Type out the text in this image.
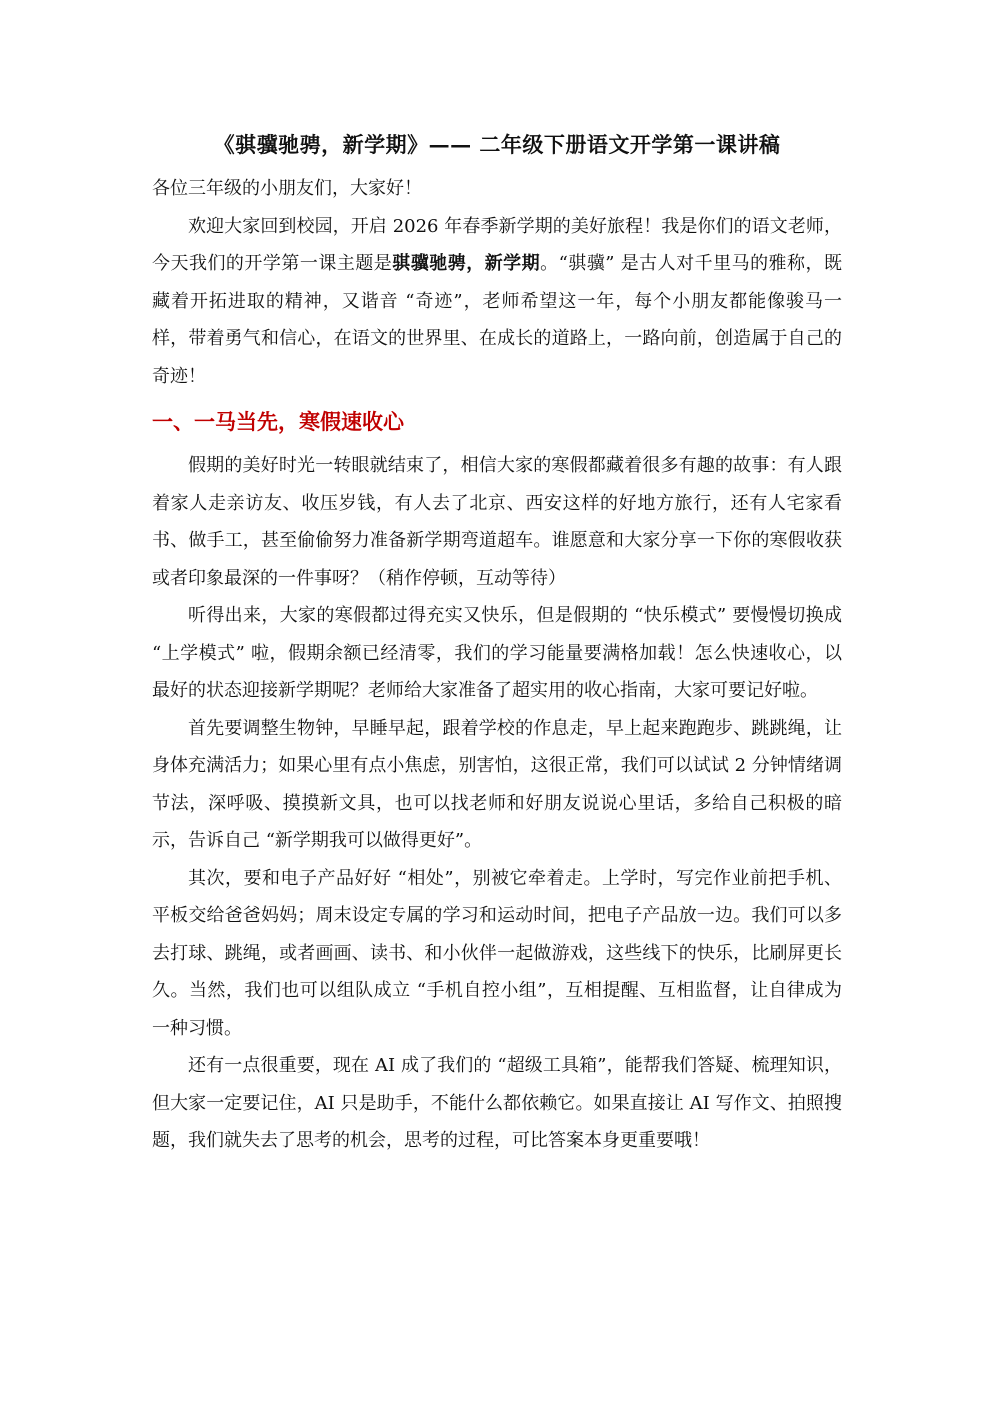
《骐骥驰骋，新学期》—— 二年级下册语文开学第一课讲稿
各位三年级的小朋友们，大家好！

欢迎大家回到校园，开启 2026 年春季新学期的美好旅程！我是你们的语文老师，今天我们的开学第一课主题是骐骥驰骋，新学期。“骐骥” 是古人对千里马的雅称，既藏着开拓进取的精神，又谐音 “奇迹”，老师希望这一年，每个小朋友都能像骏马一样，带着勇气和信心，在语文的世界里、在成长的道路上，一路向前，创造属于自己的奇迹！

一、一马当先，寒假速收心

假期的美好时光一转眼就结束了，相信大家的寒假都藏着很多有趣的故事：有人跟着家人走亲访友、收压岁钱，有人去了北京、西安这样的好地方旅行，还有人宅家看书、做手工，甚至偷偷努力准备新学期弯道超车。谁愿意和大家分享一下你的寒假收获或者印象最深的一件事呀？（稍作停顿，互动等待）

听得出来，大家的寒假都过得充实又快乐，但是假期的 “快乐模式” 要慢慢切换成 “上学模式” 啦，假期余额已经清零，我们的学习能量要满格加载！怎么快速收心，以最好的状态迎接新学期呢？老师给大家准备了超实用的收心指南，大家可要记好啦。

首先要调整生物钟，早睡早起，跟着学校的作息走，早上起来跑跑步、跳跳绳，让身体充满活力；如果心里有点小焦虑，别害怕，这很正常，我们可以试试 2 分钟情绪调节法，深呼吸、摸摸新文具，也可以找老师和好朋友说说心里话，多给自己积极的暗示，告诉自己 “新学期我可以做得更好”。

其次，要和电子产品好好 “相处”，别被它牵着走。上学时，写完作业前把手机、平板交给爸爸妈妈；周末设定专属的学习和运动时间，把电子产品放一边。我们可以多去打球、跳绳，或者画画、读书、和小伙伴一起做游戏，这些线下的快乐，比刷屏更长久。当然，我们也可以组队成立 “手机自控小组”，互相提醒、互相监督，让自律成为一种习惯。

还有一点很重要，现在 AI 成了我们的 “超级工具箱”，能帮我们答疑、梳理知识，但大家一定要记住，AI 只是助手，不能什么都依赖它。如果直接让 AI 写作文、拍照搜题，我们就失去了思考的机会，思考的过程，可比答案本身更重要哦！
